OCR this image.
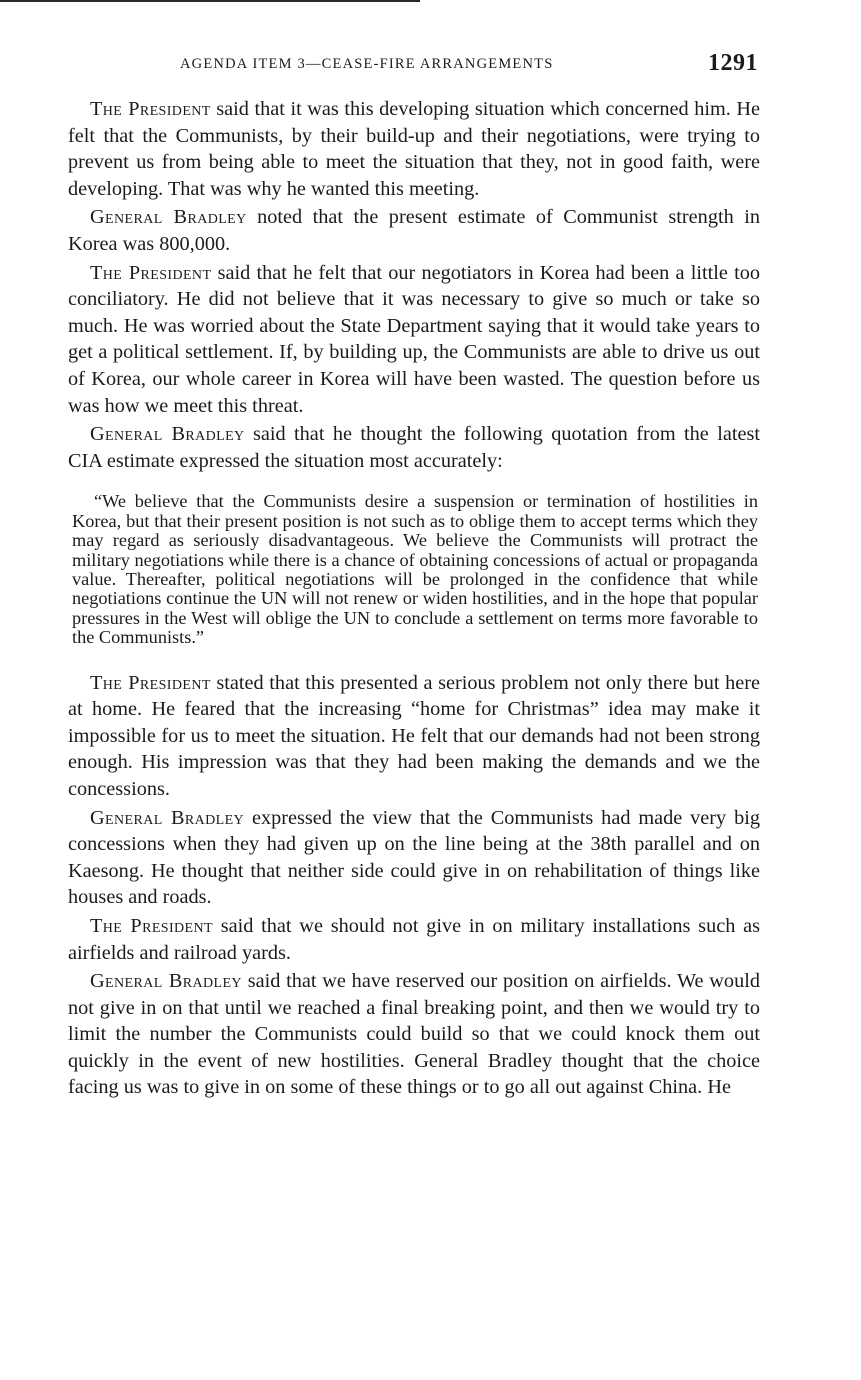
AGENDA ITEM 3—CEASE-FIRE ARRANGEMENTS	1291

The President said that it was this developing situation which concerned him. He felt that the Communists, by their build-up and their negotiations, were trying to prevent us from being able to meet the situation that they, not in good faith, were developing. That was why he wanted this meeting.

General Bradley noted that the present estimate of Communist strength in Korea was 800,000.

The President said that he felt that our negotiators in Korea had been a little too conciliatory. He did not believe that it was necessary to give so much or take so much. He was worried about the State Department saying that it would take years to get a political settlement. If, by building up, the Communists are able to drive us out of Korea, our whole career in Korea will have been wasted. The question before us was how we meet this threat.

General Bradley said that he thought the following quotation from the latest CIA estimate expressed the situation most accurately:

“We believe that the Communists desire a suspension or termination of hostilities in Korea, but that their present position is not such as to oblige them to accept terms which they may regard as seriously disadvantageous. We believe the Communists will protract the military negotiations while there is a chance of obtaining concessions of actual or propaganda value. Thereafter, political negotiations will be prolonged in the confidence that while negotiations continue the UN will not renew or widen hostilities, and in the hope that popular pressures in the West will oblige the UN to conclude a settlement on terms more favorable to the Communists.”

The President stated that this presented a serious problem not only there but here at home. He feared that the increasing “home for Christmas” idea may make it impossible for us to meet the situation. He felt that our demands had not been strong enough. His impression was that they had been making the demands and we the concessions.

General Bradley expressed the view that the Communists had made very big concessions when they had given up on the line being at the 38th parallel and on Kaesong. He thought that neither side could give in on rehabilitation of things like houses and roads.

The President said that we should not give in on military installations such as airfields and railroad yards.

General Bradley said that we have reserved our position on airfields. We would not give in on that until we reached a final breaking point, and then we would try to limit the number the Communists could build so that we could knock them out quickly in the event of new hostilities. General Bradley thought that the choice facing us was to give in on some of these things or to go all out against China. He
